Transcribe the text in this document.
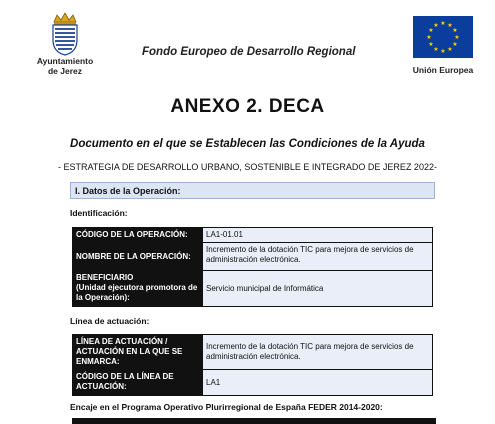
Ayuntamiento
de Jerez
Fondo Europeo de Desarrollo Regional
★ ★
★
★
★
★
★
★
★
★
★
★
Unión Europea
ANEXO 2. DECA
Documento en el que se Establecen las Condiciones de la Ayuda
- ESTRATEGIA DE DESARROLLO URBANO, SOSTENIBLE E INTEGRADO DE JEREZ 2022-
I. Datos de la Operación:
Identificación:
CÓDIGO DE LA OPERACIÓN:	LA1-01.01
NOMBRE DE LA OPERACIÓN:	Incremento de la dotación TIC para mejora de servicios de administración electrónica.
BENEFICIARIO
(Unidad ejecutora promotora de la Operación):	Servicio municipal de Informática
Línea de actuación:
LÍNEA DE ACTUACIÓN / ACTUACIÓN EN LA QUE SE ENMARCA:	Incremento de la dotación TIC para mejora de servicios de administración electrónica.
CÓDIGO DE LA LÍNEA DE ACTUACIÓN:	LA1
Encaje en el Programa Operativo Plurirregional de España FEDER 2014-2020:
